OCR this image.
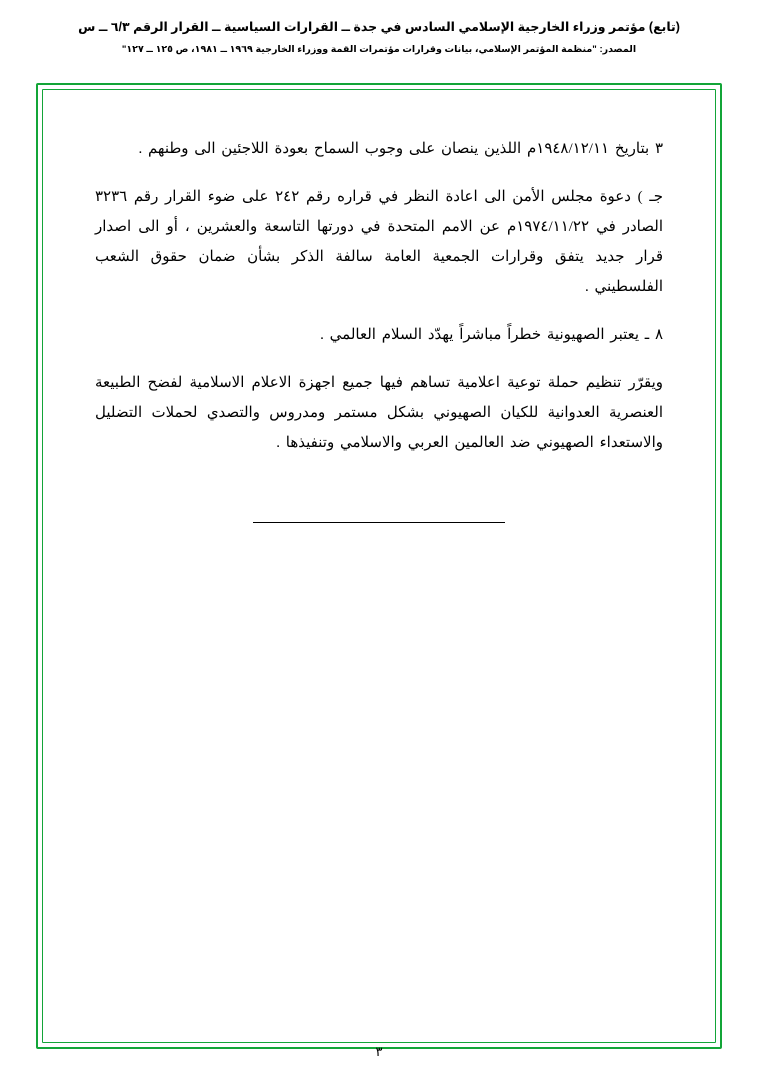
(تابع) مؤتمر وزراء الخارجية الإسلامي السادس في جدة ــ القرارات السياسية ــ القرار الرقم ٦/٣ ــ س
المصدر: "منظمة المؤتمر الإسلامي، بيانات وقرارات مؤتمرات القمة ووزراء الخارجية ١٩٦٩ ــ ١٩٨١، ص ١٢٥ ــ ١٢٧"

٣ بتاريخ ١٩٤٨/١٢/١١م اللذين ينصان على وجوب السماح بعودة اللاجئين الى وطنهم .

جـ ) دعوة مجلس الأمن الى اعادة النظر في قراره رقم ٢٤٢ على ضوء القرار رقم ٣٢٣٦ الصادر في ١٩٧٤/١١/٢٢م عن الامم المتحدة في دورتها التاسعة والعشرين ، أو الى اصدار قرار جديد يتفق وقرارات الجمعية العامة سالفة الذكر بشأن ضمان حقوق الشعب الفلسطيني .

٨ ـ يعتبر الصهيونية خطراً مباشراً يهدّد السلام العالمي .

ويقرّر تنظيم حملة توعية اعلامية تساهم فيها جميع اجهزة الاعلام الاسلامية لفضح الطبيعة العنصرية العدوانية للكيان الصهيوني بشكل مستمر ومدروس والتصدي لحملات التضليل والاستعداء الصهيوني ضد العالمين العربي والاسلامي وتنفيذها .

٣
